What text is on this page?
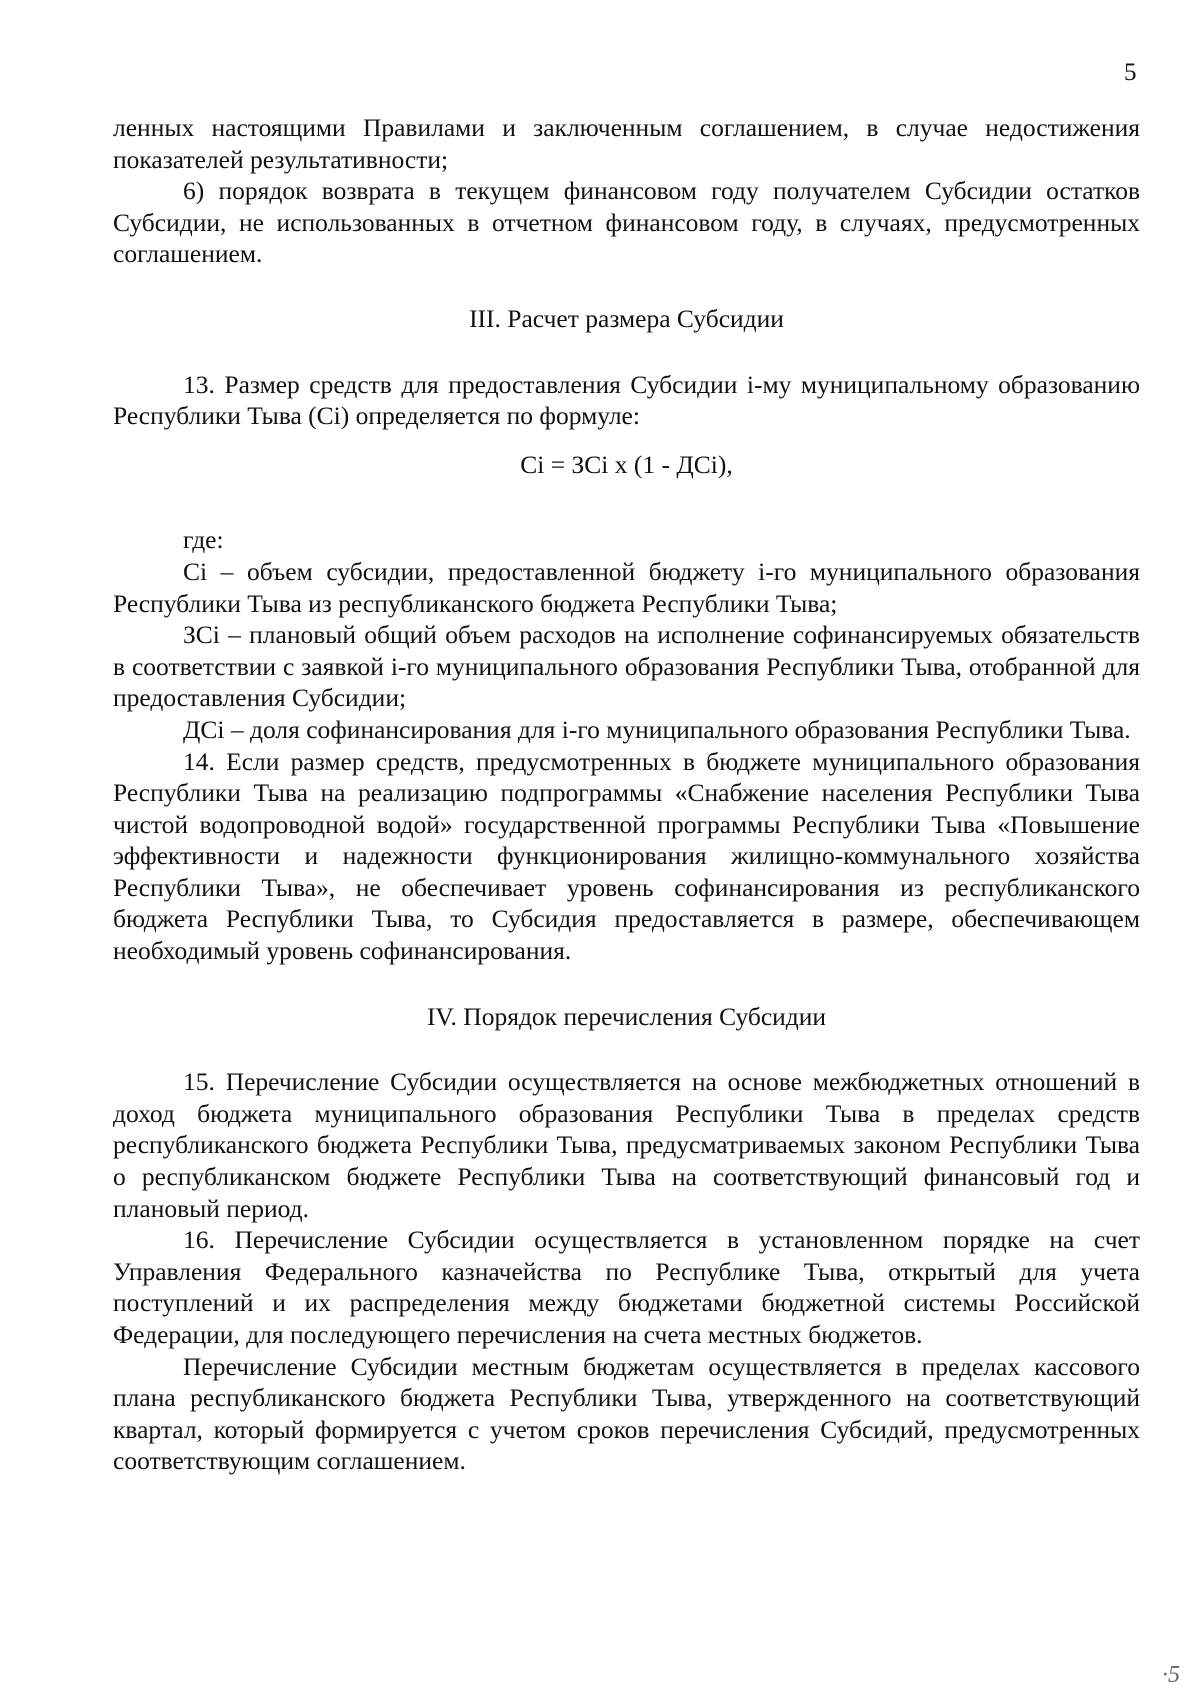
5

ленных настоящими Правилами и заключенным соглашением, в случае недостижения показателей результативности;

6) порядок возврата в текущем финансовом году получателем Субсидии остатков Субсидии, не использованных в отчетном финансовом году, в случаях, предусмотренных соглашением.

III. Расчет размера Субсидии

13. Размер средств для предоставления Субсидии i-му муниципальному образованию Республики Тыва (Ci) определяется по формуле:

Ci = ЗCi x (1 - ДCi),

где:

Ci – объем субсидии, предоставленной бюджету i-го муниципального образования Республики Тыва из республиканского бюджета Республики Тыва;

ЗCi – плановый общий объем расходов на исполнение софинансируемых обязательств в соответствии с заявкой i-го муниципального образования Республики Тыва, отобранной для предоставления Субсидии;

ДCi – доля софинансирования для i-го муниципального образования Республики Тыва.

14. Если размер средств, предусмотренных в бюджете муниципального образования Республики Тыва на реализацию подпрограммы «Снабжение населения Республики Тыва чистой водопроводной водой» государственной программы Республики Тыва «Повышение эффективности и надежности функционирования жилищно-коммунального хозяйства Республики Тыва», не обеспечивает уровень софинансирования из республиканского бюджета Республики Тыва, то Субсидия предоставляется в размере, обеспечивающем необходимый уровень софинансирования.

IV. Порядок перечисления Субсидии

15. Перечисление Субсидии осуществляется на основе межбюджетных отношений в доход бюджета муниципального образования Республики Тыва в пределах средств республиканского бюджета Республики Тыва, предусматриваемых законом Республики Тыва о республиканском бюджете Республики Тыва на соответствующий финансовый год и плановый период.

16. Перечисление Субсидии осуществляется в установленном порядке на счет Управления Федерального казначейства по Республике Тыва, открытый для учета поступлений и их распределения между бюджетами бюджетной системы Российской Федерации, для последующего перечисления на счета местных бюджетов.

Перечисление Субсидии местным бюджетам осуществляется в пределах кассового плана республиканского бюджета Республики Тыва, утвержденного на соответствующий квартал, который формируется с учетом сроков перечисления Субсидий, предусмотренных соответствующим соглашением.

·5
